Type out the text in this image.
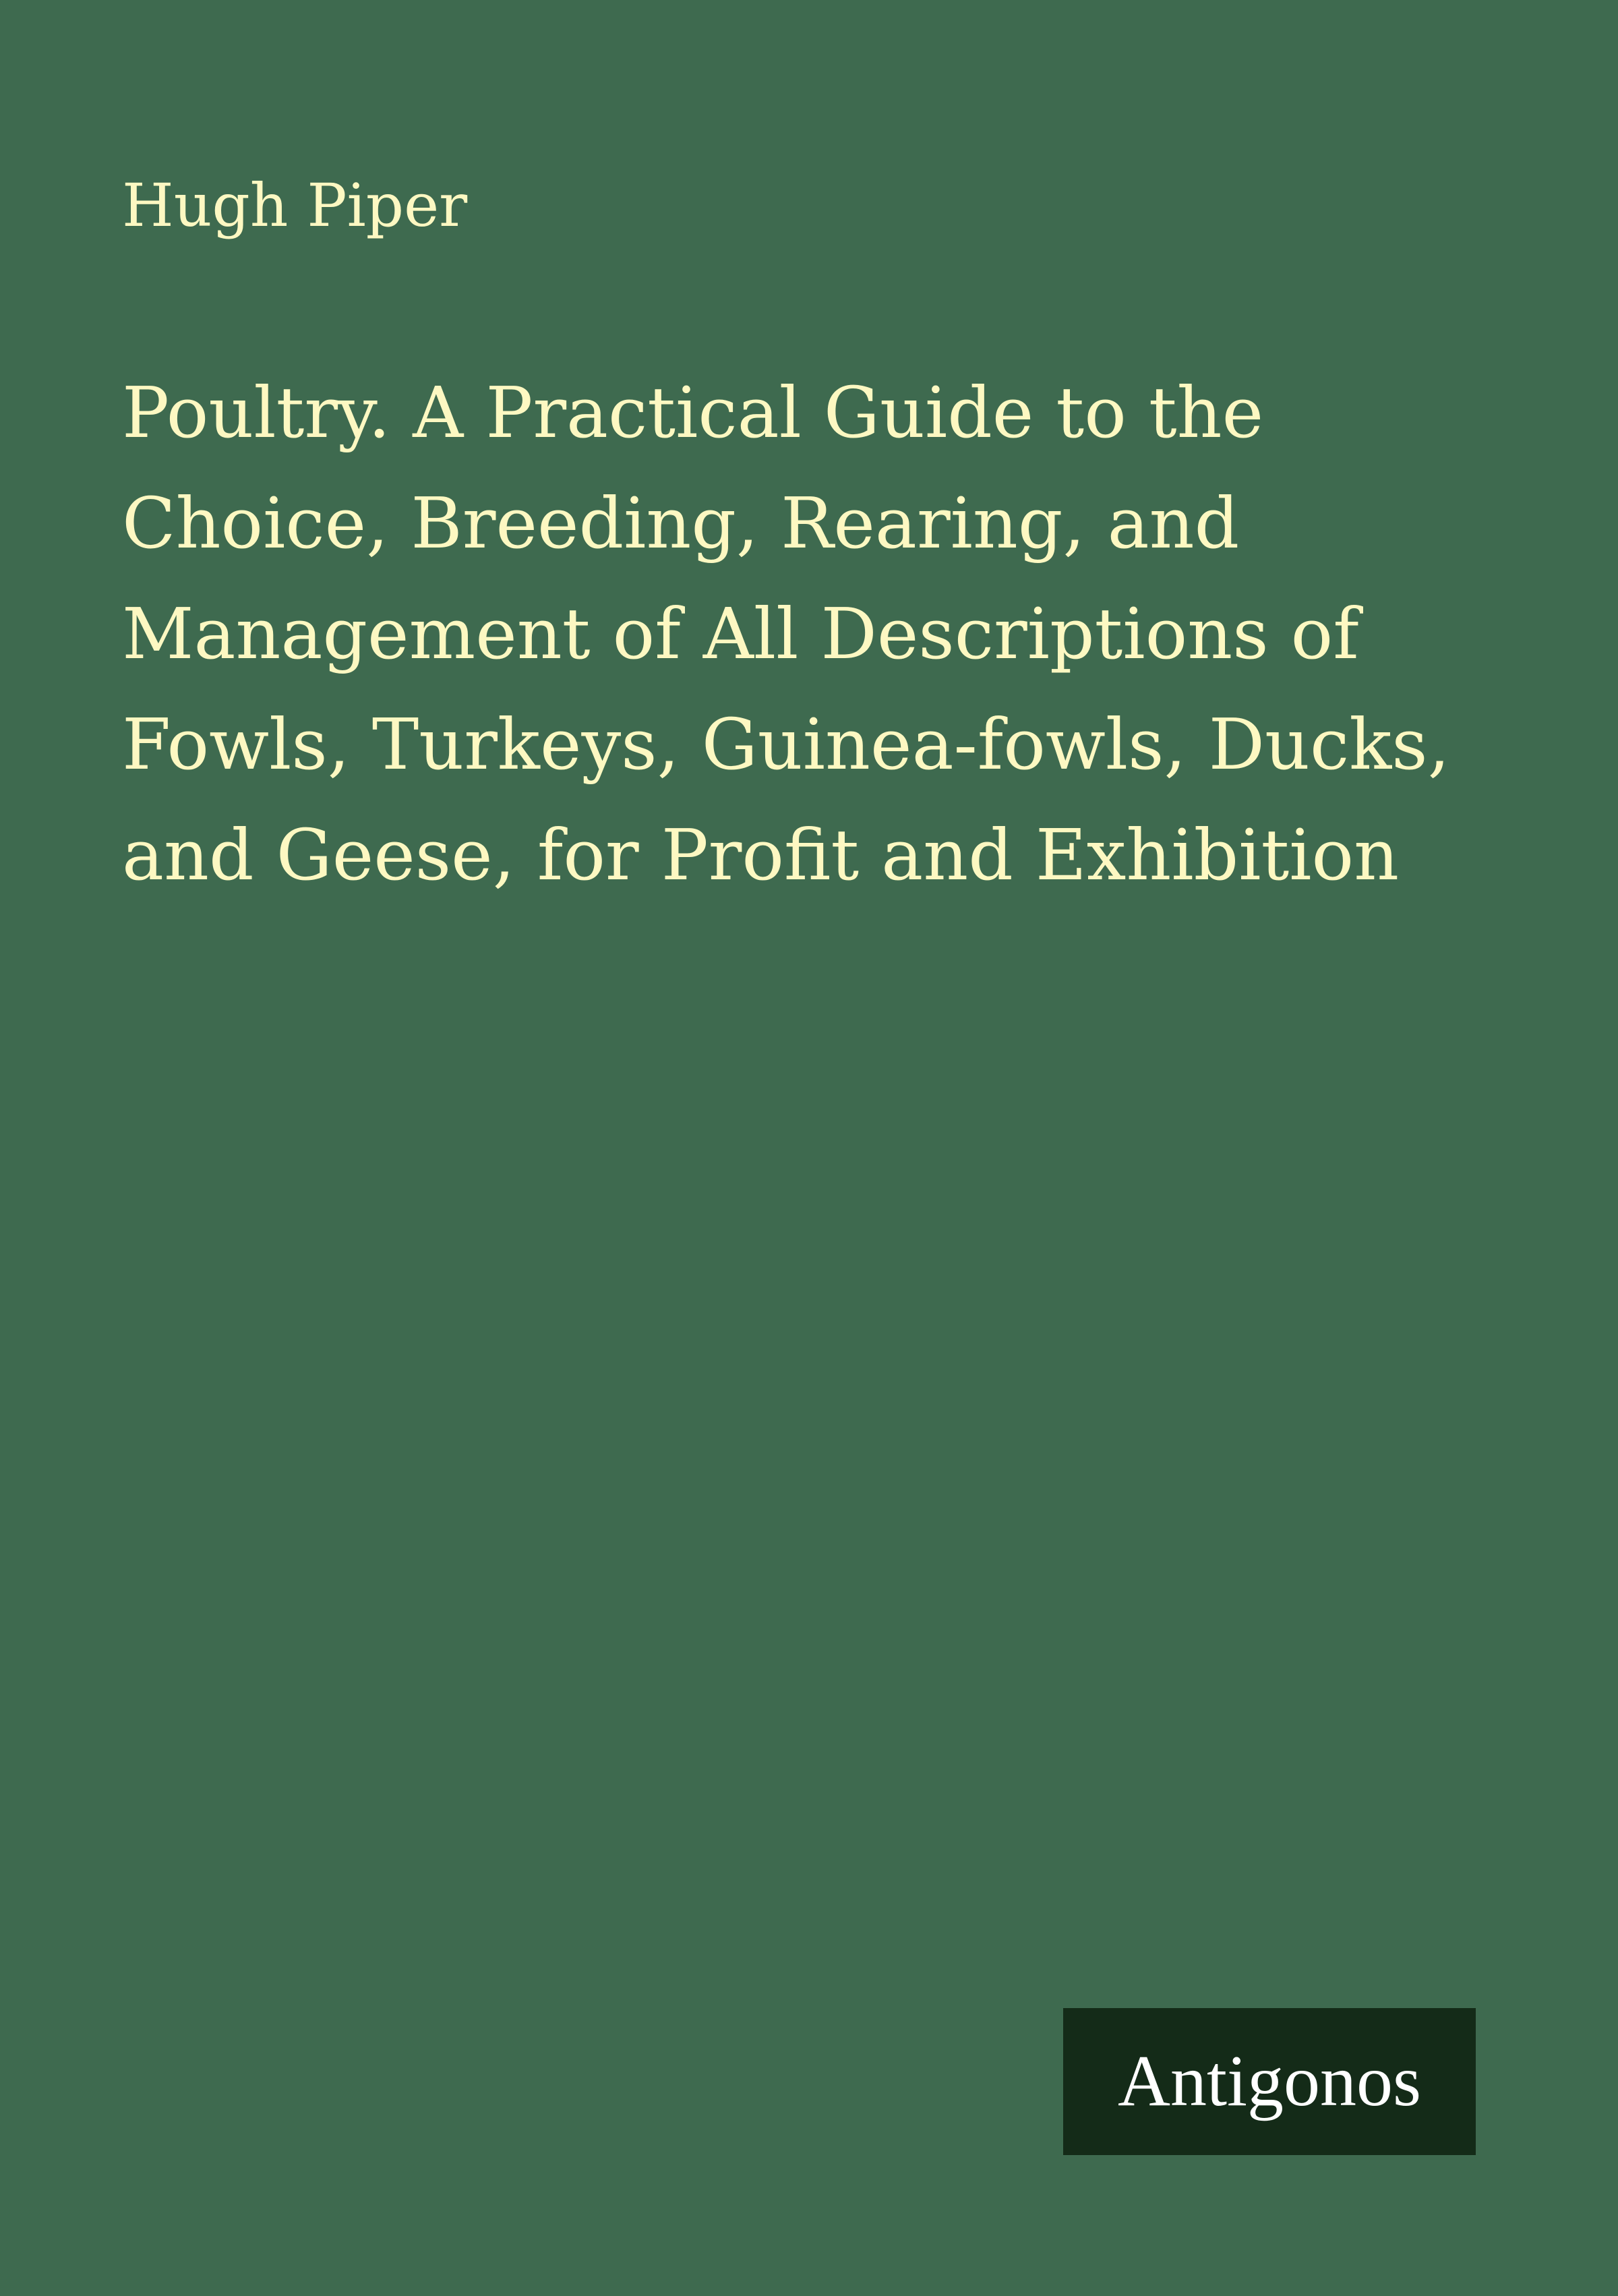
Hugh Piper
Poultry. A Practical Guide to the
Choice, Breeding, Rearing, and
Management of All Descriptions of
Fowls, Turkeys, Guinea-fowls, Ducks,
and Geese, for Profit and Exhibition
Antigonos
